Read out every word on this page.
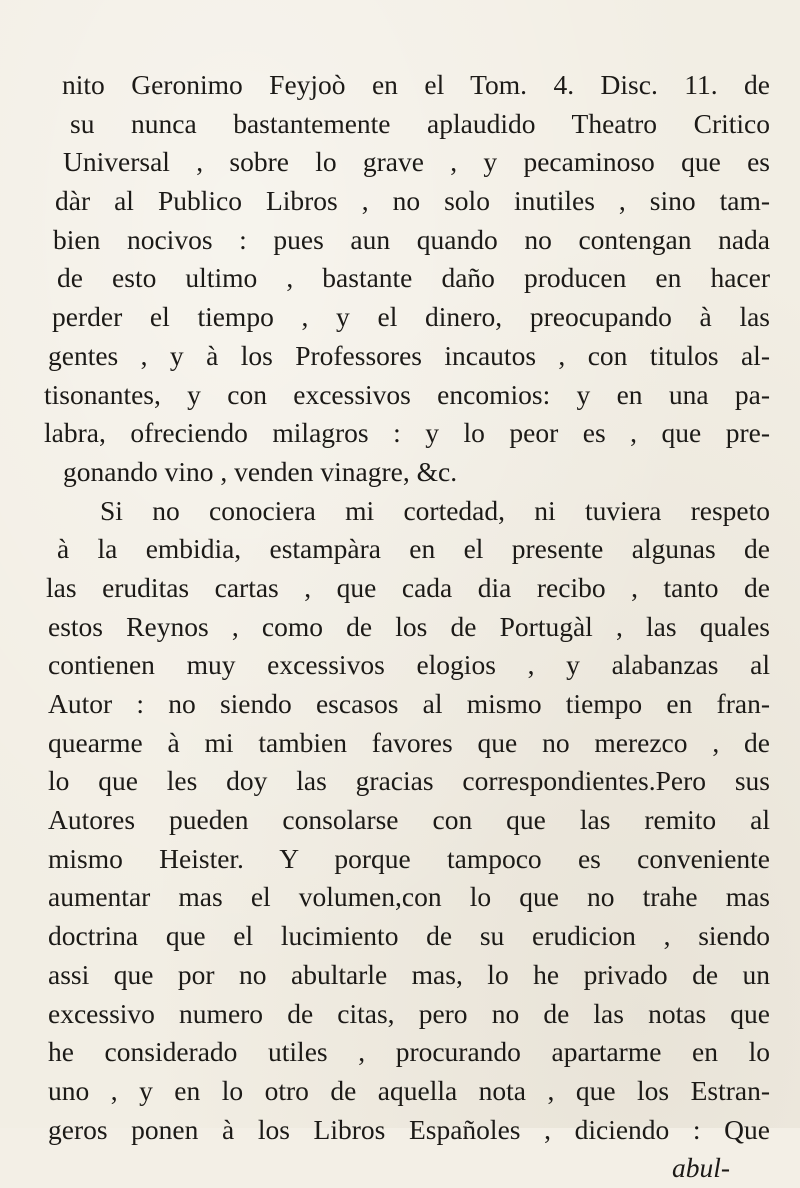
nito Geronimo Feyjoò en el Tom. 4. Disc. 11. de
su nunca bastantemente aplaudido Theatro Critico
Universal , sobre lo grave , y pecaminoso que es
dàr al Publico Libros , no solo inutiles , sino tam-
bien nocivos : pues aun quando no contengan nada
de esto ultimo , bastante daño producen en hacer
perder el tiempo , y el dinero, preocupando à las
gentes , y à los Professores incautos , con titulos al-
tisonantes, y con excessivos encomios: y en una pa-
labra, ofreciendo milagros : y lo peor es , que pre-
gonando vino , venden vinagre, &c.
Si no conociera mi cortedad, ni tuviera respeto
à la embidia, estampàra en el presente algunas de
las eruditas cartas , que cada dia recibo , tanto de
estos Reynos , como de los de Portugàl , las quales
contienen muy excessivos elogios , y alabanzas al
Autor : no siendo escasos al mismo tiempo en fran-
quearme à mi tambien favores que no merezco , de
lo que les doy las gracias correspondientes.Pero sus
Autores pueden consolarse con que las remito al
mismo Heister. Y porque tampoco es conveniente
aumentar mas el volumen,con lo que no trahe mas
doctrina que el lucimiento de su erudicion , siendo
assi que por no abultarle mas, lo he privado de un
excessivo numero de citas, pero no de las notas que
he considerado utiles , procurando apartarme en lo
uno , y en lo otro de aquella nota , que los Estran-
geros ponen à los Libros Españoles , diciendo : Que
abul-
